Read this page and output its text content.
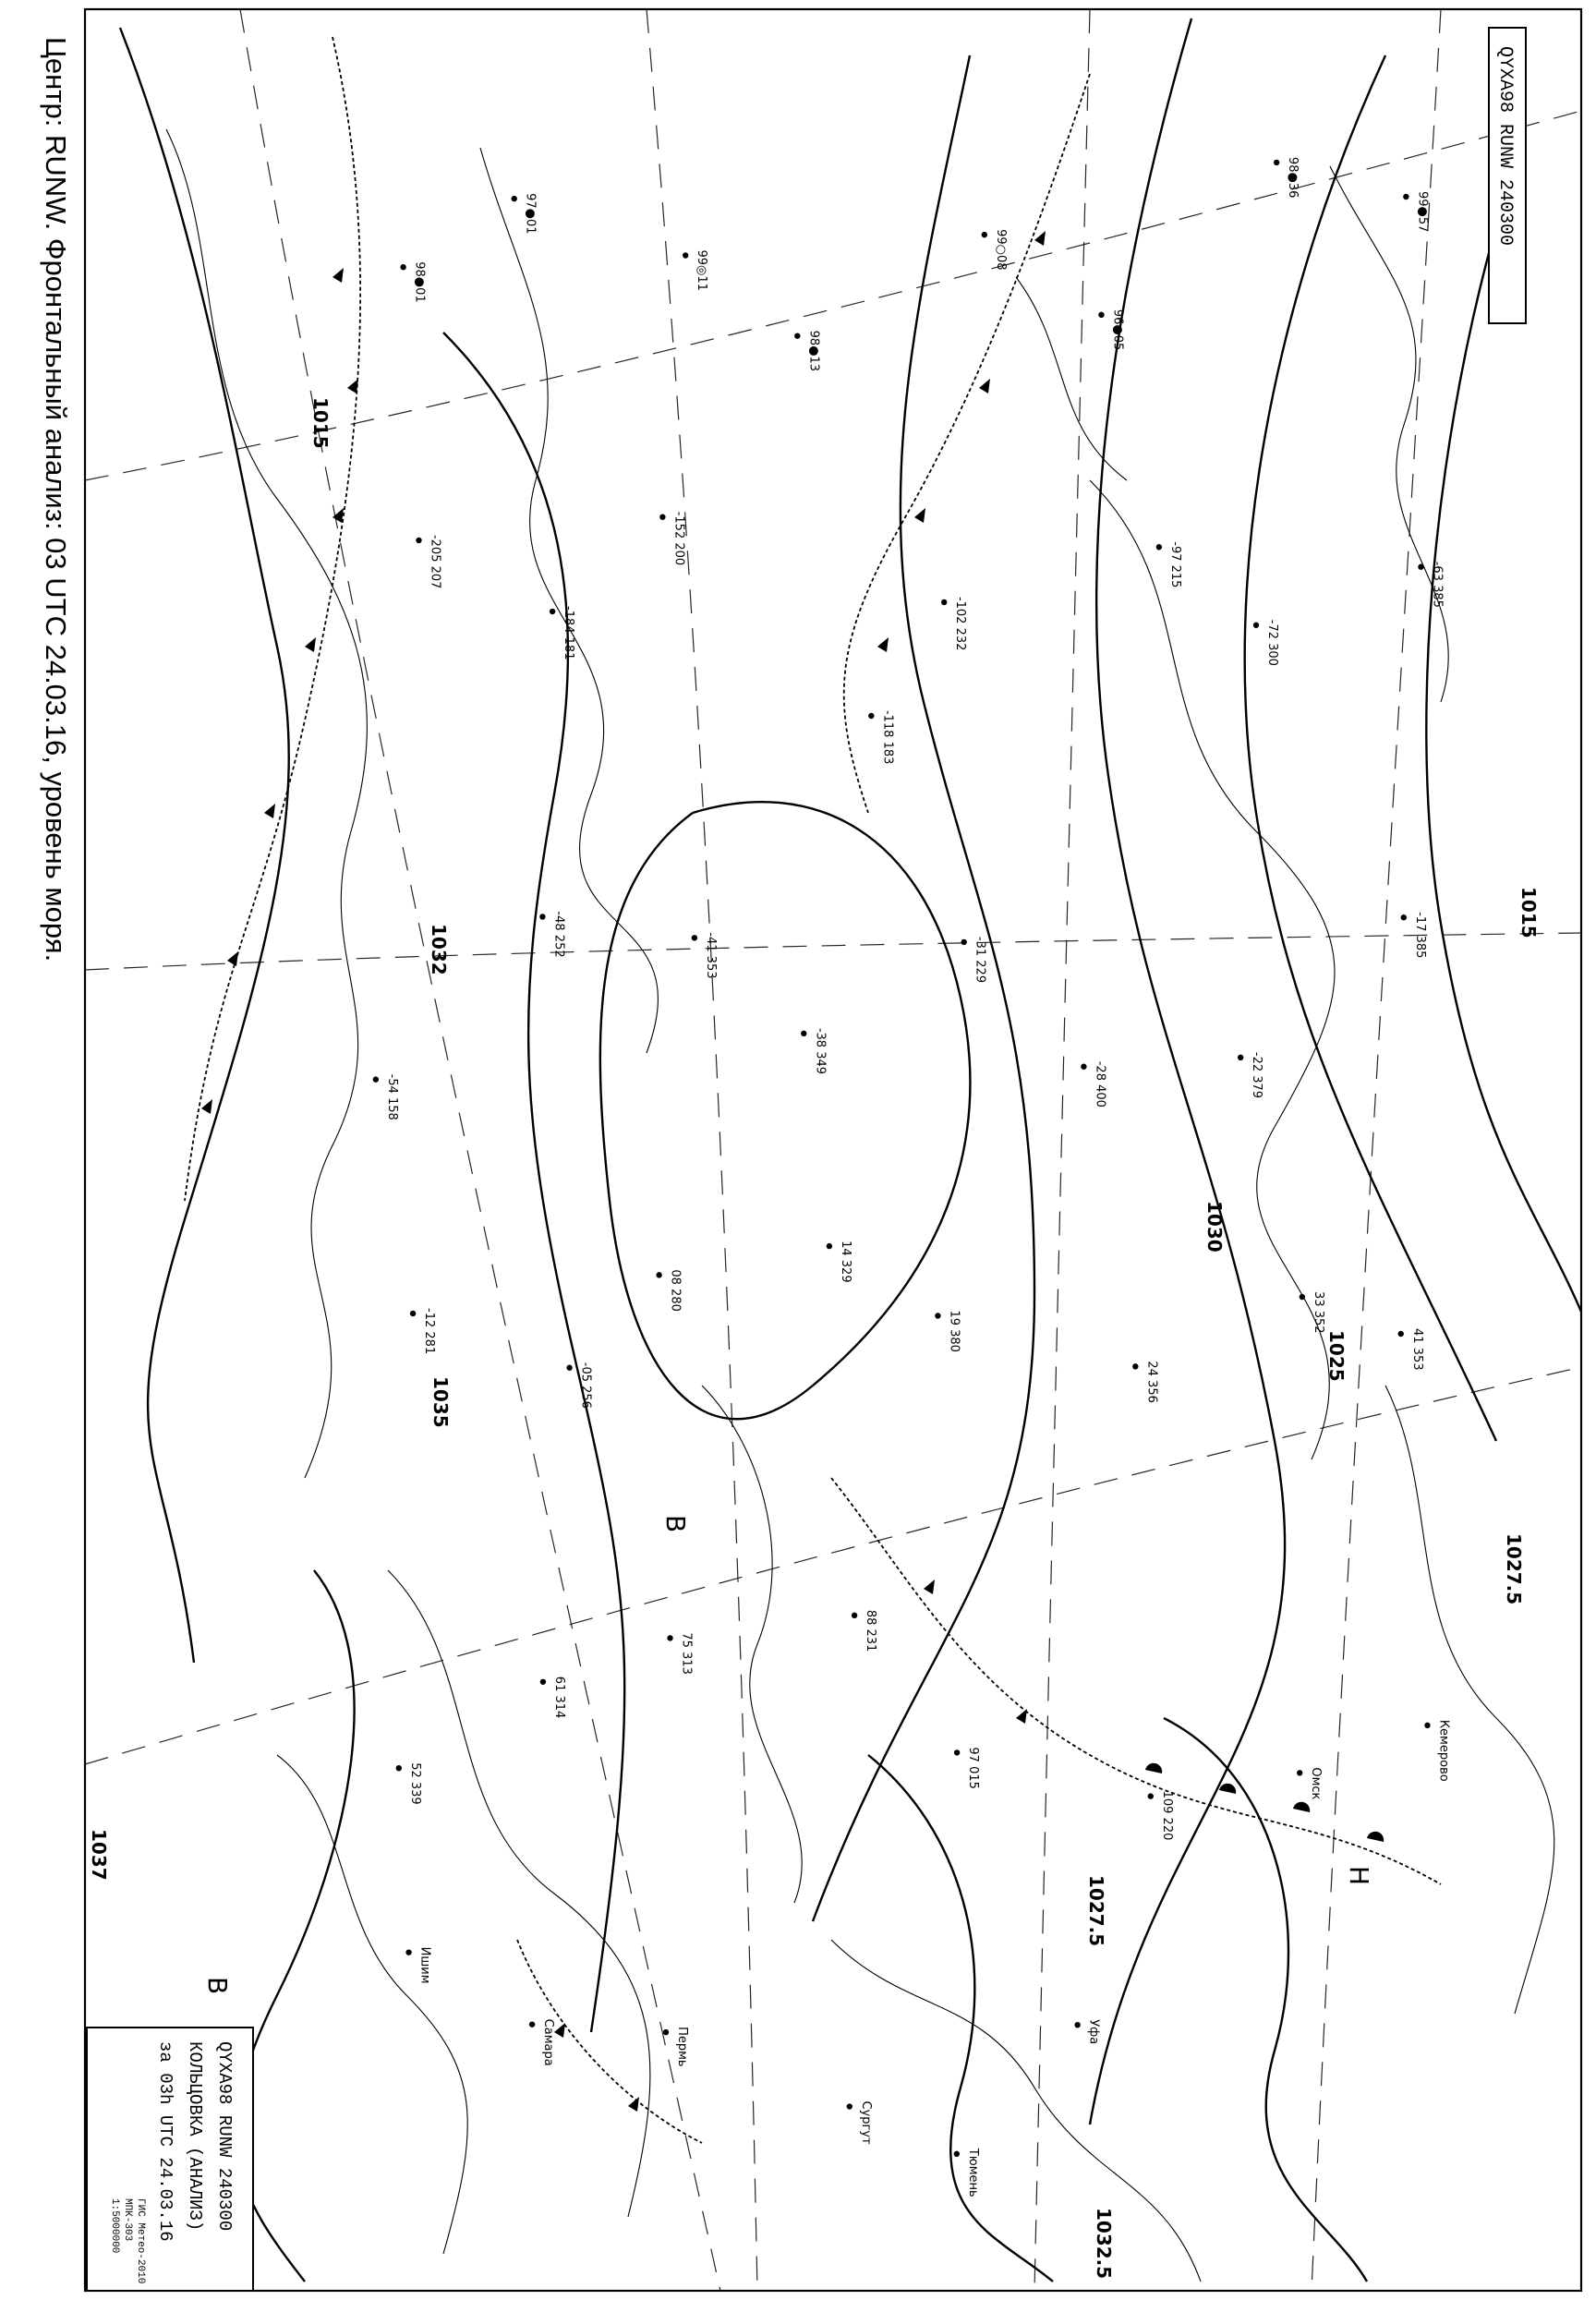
1015
1025
1027.5
1030
1032
1032.5
1035
1037
1027.5
1015
В
В
Н
98●01
97●01
99◎11
98●13
99○08
96●05
98●36
99●57
-205 207
-184 181
-152 200
-118 183
-102 232
-97 215
-72 300
-63 385
-54 158
-48 252	-41 353
-38 349
-31 229
-28 400	-22 379
-17 385
-12 281
-05 256
08 280
14 329
19 380
24 356
33 352
41 353
52 339
61 314
75 313
88 231
97 015
109 220
Омск
Кемерово
Ишим
Самара	Пермь
Сургут
Тюмень
Уфа
Центр: RUNW. Фронтальный анализ: 03 UTC 24.03.16, уровень моря.	QYXA98 RUNW 240300
QYXA98 RUNW 240300
КОЛЬЦОВКА (АНАЛИЗ)
за 03h UTC 24.03.16
ГИС Метео-2010
МПК-303
1:5000000
